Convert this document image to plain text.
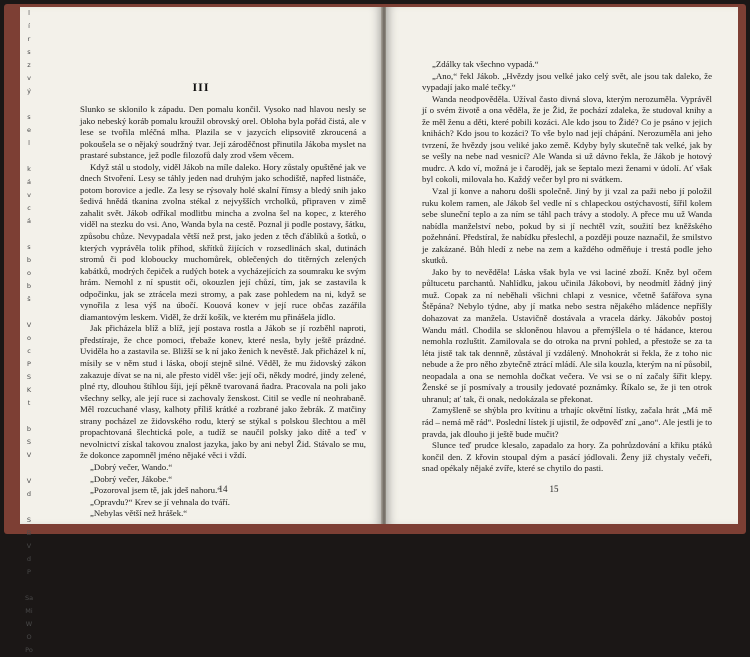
l
í
r
s
z
v
ý
s
e
l
k
á
v
c
á
s
b
o
b
š
V
o
c
P
S
K
t
b
S
V
V
d
S
B
V
d
P
Sa
Mi
W
O
Po
III

Slunko se sklonilo k západu. Den pomalu končil. Vysoko nad hlavou nesly se jako nebeský koráb pomalu kroužil obrovský orel. Obloha byla pořád čistá, ale v lese se tvořila mléčná mlha. Plazila se v jazycích elipsovitě zkroucená a pokoušela se o nějaký soudržný tvar. Její zároděčnost přinutila Jákoba myslet na prastaré substance, jež podle filozofů daly zrod všem věcem.

Když stál u stodoly, viděl Jákob na míle daleko. Hory zůstaly opuštěné jak ve dnech Stvoření. Lesy se táhly jeden nad druhým jako schodiště, napřed listnáče, potom borovice a jedle. Za lesy se rýsovaly holé skalní římsy a bledý snih jako šedivá hnědá tkanina zvolna stékal z nejvyšších vrcholků, připraven v zimě zahalit svět. Jákob odříkal modlitbu mincha a zvolna šel na kopec, z kterého viděl na stezku do vsi. Ano, Wanda byla na cestě. Poznal ji podle postavy, šátku, způsobu chůze. Nevypadala větší než prst, jako jeden z těch ďáblíků a šotků, o kterých vyprávěla tolik příhod, skřítků žijících v rozsedlinách skal, dutinách stromů či pod kloboucky muchomůrek, oblečených do titěrných zelených kabátků, modrých čepiček a rudých botek a vycházejících za soumraku ke svým hrám. Nemohl z ní spustit oči, okouzlen její chůzí, tím, jak se zastavila k odpočinku, jak se ztrácela mezi stromy, a pak zase pohledem na ni, když se vynořila z lesa výš na úbočí. Kouová konev v její ruce občas zazářila diamantovým leskem. Viděl, že drží košík, ve kterém mu přinášela jídlo.

Jak přicházela blíž a blíž, její postava rostla a Jákob se jí rozběhl naproti, předstíraje, že chce pomoci, třebaže konev, které nesla, byly ještě prázdné. Uviděla ho a zastavila se. Bližší se k ní jako ženich k nevěstě. Jak přicházel k ní, mísily se v něm stud i láska, obojí stejně silné. Věděl, že mu židovský zákon zakazuje dívat se na ni, ale přesto viděl vše: její oči, někdy modré, jindy zelené, plné rty, dlouhou štíhlou šíji, její pěkně tvarovaná ňadra. Pracovala na poli jako všechny selky, ale její ruce si zachovaly ženskost. Citil se vedle ní neohrabaně. Měl rozcuchané vlasy, kalhoty příliš krátké a rozbrané jako žebrák. Z matčiny strany pocházel ze židovského rodu, který se stýkal s polskou šlechtou a měl propachtovaná šlechtická pole, a tudíž se naučil polsky jako dítě a teď v nevolnictví získal takovou znalost jazyka, jako by ani nebyl Žid. Stávalo se mu, že dokonce zapomněl jméno nějaké věci i vždí.

„Dobrý večer, Wando.“

„Dobrý večer, Jákobe.“

„Pozoroval jsem tě, jak jdeš nahoru.“

„Opravdu?“ Krev se jí vehnala do tváří.

„Nebylas větší než hrášek.“

14

„Zdálky tak všechno vypadá.“

„Ano,“ řekl Jákob. „Hvězdy jsou velké jako celý svět, ale jsou tak daleko, že vypadají jako malé tečky.“

Wanda neodpověděla. Užíval často divná slova, kterým nerozuměla. Vyprávěl jí o svém životě a ona věděla, že je Žid, že pochází zdaleka, že studoval knihy a že měl ženu a děti, které pobili kozáci. Ale kdo jsou to Židé? Co je psáno v jejich knihách? Kdo jsou to kozáci? To vše bylo nad její chápání. Nerozuměla ani jeho tvrzení, že hvězdy jsou veliké jako země. Kdyby byly skutečně tak velké, jak by se vešly na nebe nad vesnicí? Ale Wanda si už dávno řekla, že Jákob je hotový mudrc. A kdo ví, možná je i čaroděj, jak se šeptalo mezi ženami v údolí. Ať však byl cokoli, milovala ho. Každý večer byl pro ni svátkem.

Vzal jí konve a nahoru došli společně. Jiný by ji vzal za paži nebo jí položil ruku kolem ramen, ale Jákob šel vedle ní s chlapeckou ostýchavostí, šířil kolem sebe sluneční teplo a za ním se táhl pach trávy a stodoly. A přece mu už Wanda nabídla manželství nebo, pokud by si jí nechtěl vzít, soužití bez kněžského požehnání. Předstíral, že nabídku přeslechl, a později pouze naznačil, že smilstvo je zakázané. Bůh hledí z nebe na zem a každého odměňuje i trestá podle jeho skutků.

Jako by to nevěděla! Láska však byla ve vsi laciné zboží. Kněz byl očem půltucetu parchantů. Nahlídku, jakou učinila Jákobovi, by neodmítl žádný jiný muž. Copak za ní neběhali všichni chlapi z vesnice, včetně šafářova syna Štěpána? Nebylo týdne, aby jí matka nebo sestra nějakého mládence nepříšly dohazovat za manžela. Ustavičně dostávala a vracela dárky. Jákobův postoj Wandu mátl. Chodila se skloněnou hlavou a přemýšlela o té hádance, kterou nemohla rozluštit. Zamilovala se do otroka na první pohled, a přestože se za ta léta jistě tak tak dennně, zůstával jí vzdálený. Mnohokrát si řekla, že z toho nic nebude a že pro něho zbytečně ztrácí mládí. Ale sila kouzla, kterým na ní působil, neopadala a ona se nemohla dočkat večera. Ve vsi se o ní začaly šířit klepy. Ženské se jí posmívaly a trousily jedovaté poznámky. Říkalo se, že ji ten otrok uhranul; ať tak, či onak, nedokázala se překonat.

Zamyšleně se shýbla pro kvítinu a trhajíc okvětní lístky, začala hrát „Má mě rád – nemá mě rád“. Poslední lístek jí ujistil, že odpověď zní „ano“. Ale jestli je to pravda, jak dlouho ji ještě bude mučit?

Slunce teď prudce klesalo, zapadalo za hory. Za pohrůzdování a křiku ptáků končil den. Z křovin stoupal dým a pasácí jódlovali. Ženy již chystaly večeři, snad opékaly nějaké zvíře, které se chytilo do pasti.

15
